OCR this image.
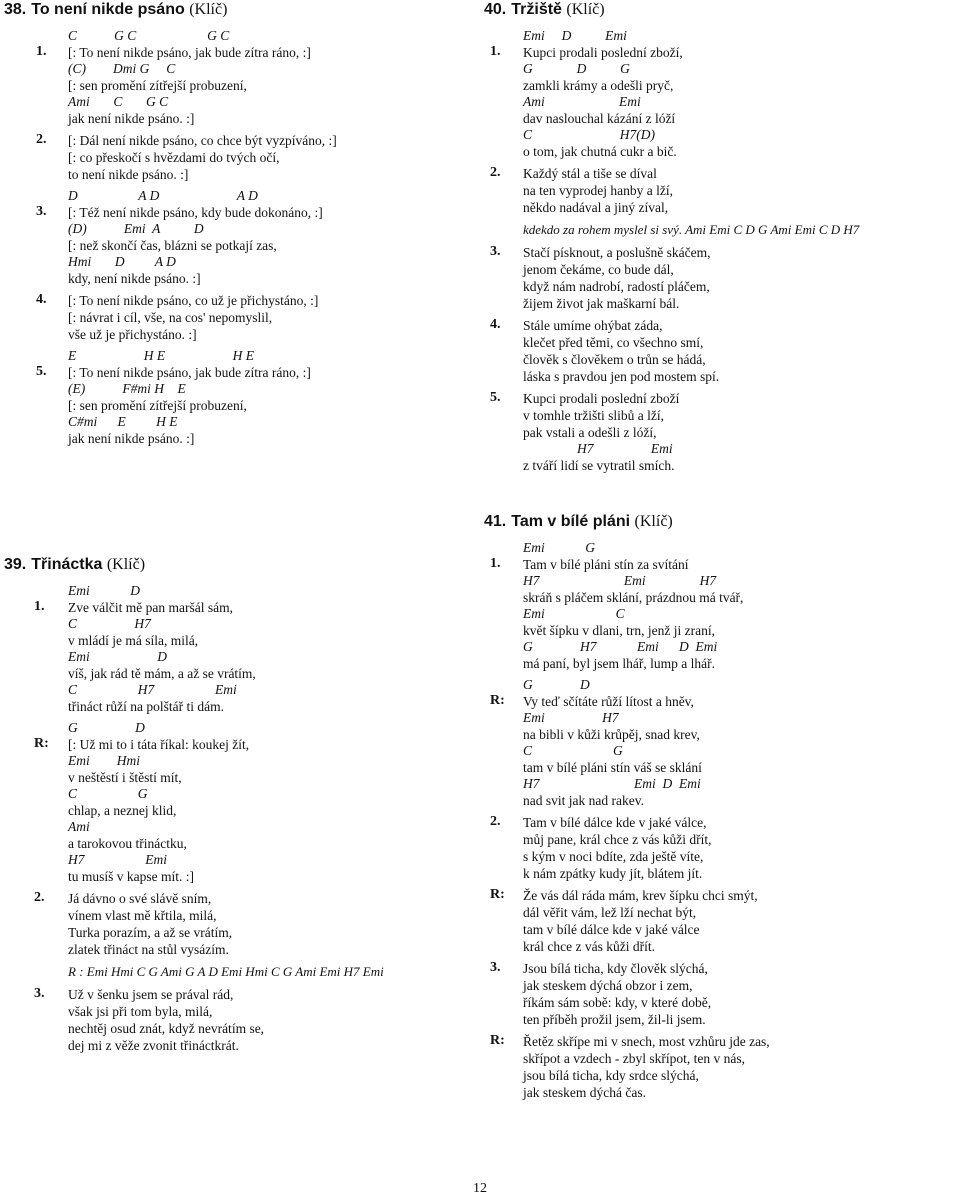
38. To není nikde psáno (Klíč)
1.
C           G C                     G C
[: To není nikde psáno, jak bude zítra ráno, :]
(C)        Dmi G     C
[: sen promění zítřejší probuzení,
Ami       C       G C
jak není nikde psáno. :]
2. [: Dál není nikde psáno, co chce být vyzpíváno, :]
[: co přeskočí s hvězdami do tvých očí,
to není nikde psáno. :]
3.
D                  A D                       A D
[: Též není nikde psáno, kdy bude dokonáno, :]
(D)           Emi  A          D
[: než skončí čas, blázni se potkají zas,
Hmi       D         A D
kdy, není nikde psáno. :]
4. [: To není nikde psáno, co už je přichystáno, :]
[: návrat i cíl, vše, na cos' nepomyslil,
vše už je přichystáno. :]
5.
E                    H E                    H E
[: To není nikde psáno, jak bude zítra ráno, :]
(E)           F#mi H    E
[: sen promění zítřejší probuzení,
C#mi      E         H E
jak není nikde psáno. :]
39. Třináctka (Klíč)
1.
Emi            D
Zve válčit mě pan maršál sám,
C                 H7
v mládí je má síla, milá,
Emi                    D
víš, jak rád tě mám, a až se vrátím,
C                  H7                  Emi
třináct růží na polštář ti dám.
R:
G                 D
[: Už mi to i táta říkal: koukej žít,
Emi        Hmi
v neštěstí i štěstí mít,
C                  G
chlap, a neznej klid,
Ami
a tarokovou třináctku,
H7                  Emi
tu musíš v kapse mít. :]
2. Já dávno o své slávě sním,
vínem vlast mě křtila, milá,
Turka porazím, a až se vrátím,
zlatek třináct na stůl vysázím.
R : Emi Hmi C G Ami G A D Emi Hmi C G Ami Emi H7 Emi
3. Už v šenku jsem se prával rád,
však jsi při tom byla, milá,
nechtěj osud znát, když nevrátím se,
dej mi z věže zvonit třináctkrát.
40. Tržiště (Klíč)
1.
Emi     D          Emi
Kupci prodali poslední zboží,
G             D          G
zamkli krámy a odešli pryč,
Ami                      Emi
dav naslouchal kázání z lóží
C                          H7(D)
o tom, jak chutná cukr a bič.
2. Každý stál a tiše se díval
na ten vyprodej hanby a lží,
někdo nadával a jiný zíval,
kdekdo za rohem myslel si svý. Ami Emi C D G Ami Emi C D H7
3. Stačí písknout, a poslušně skáčem,
jenom čekáme, co bude dál,
když nám nadrobí, radostí pláčem,
žijem život jak maškarní bál.
4. Stále umíme ohýbat záda,
klečet před těmi, co všechno smí,
člověk s člověkem o trůn se hádá,
láska s pravdou jen pod mostem spí.
5. Kupci prodali poslední zboží
v tomhle tržišti slibů a lží,
pak vstali a odešli z lóží,
H7                 Emi
z tváří lidí se vytratil smích.
41. Tam v bílé pláni (Klíč)
1.
Emi            G
Tam v bílé pláni stín za svítání
H7                         Emi                H7
skráň s pláčem sklání, prázdnou má tvář,
Emi                     C
květ šípku v dlani, trn, jenž ji zraní,
G              H7            Emi      D  Emi
má paní, byl jsem lhář, lump a lhář.
R:
G              D
Vy teď sčítáte růží lítost a hněv,
Emi                 H7
na bibli v kůži krůpěj, snad krev,
C                        G
tam v bílé pláni stín váš se sklání
H7                            Emi  D  Emi
nad svit jak nad rakev.
2. Tam v bílé dálce kde v jaké válce,
můj pane, král chce z vás kůži dřít,
s kým v noci bdíte, zda ještě víte,
k nám zpátky kudy jít, blátem jít.
R: Že vás dál ráda mám, krev šípku chci smýt,
dál věřit vám, lež lží nechat být,
tam v bílé dálce kde v jaké válce
král chce z vás kůži dřít.
3. Jsou bílá ticha, kdy člověk slýchá,
jak steskem dýchá obzor i zem,
říkám sám sobě: kdy, v které době,
ten příběh prožil jsem, žil-li jsem.
R: Řetěz skřípe mi v snech, most vzhůru jde zas,
skřípot a vzdech - zbyl skřípot, ten v nás,
jsou bílá ticha, kdy srdce slýchá,
jak steskem dýchá čas.
12
